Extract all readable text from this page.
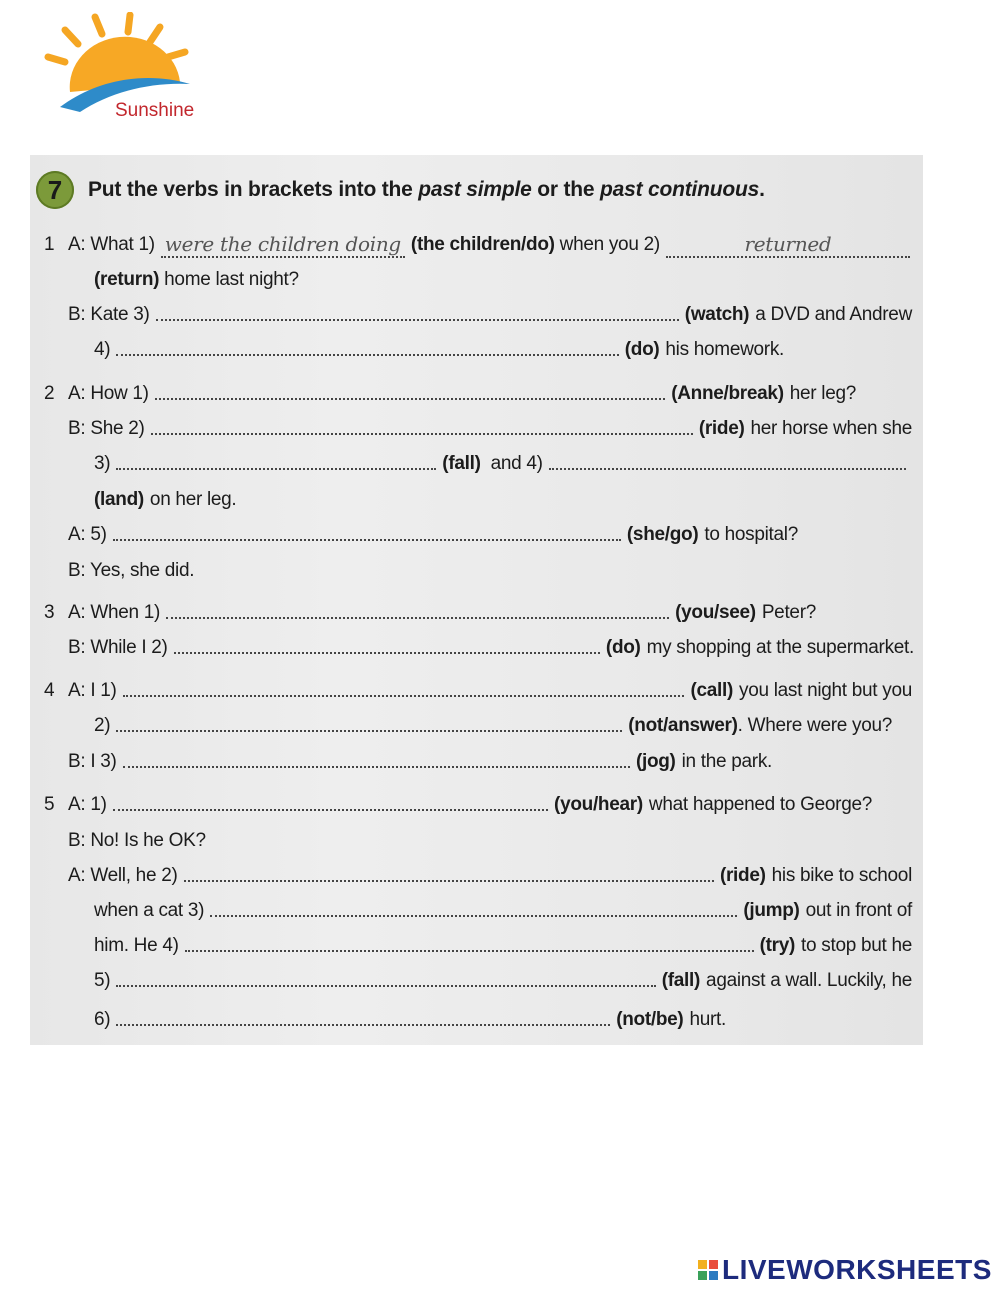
Sunshine
7	Put the verbs in brackets into the past simple or the past continuous.
1 A: What 1) were the children doing (the children/do) when you 2)	returned
(return) home last night?
B: Kate 3)	(watch) a DVD and Andrew
4)	(do) his homework.
2 A: How 1)	(Anne/break) her leg?
B: She 2)	(ride) her horse when she
3)	(fall) and 4)
(land) on her leg.
A: 5)	(she/go) to hospital?
B: Yes, she did.
3 A: When 1)	(you/see) Peter?
B: While I 2)	(do) my shopping at the supermarket.
4 A: I 1)	(call) you last night but you
2)	(not/answer) . Where were you?
B: I 3)	(jog) in the park.
5 A: 1)	(you/hear) what happened to George?
B: No! Is he OK?
A: Well, he 2)	(ride) his bike to school
when a cat 3)	(jump) out in front of
him. He 4)	(try) to stop but he
5)	(fall) against a wall. Luckily, he
6)	(not/be) hurt.
LIVEWORKSHEETS
